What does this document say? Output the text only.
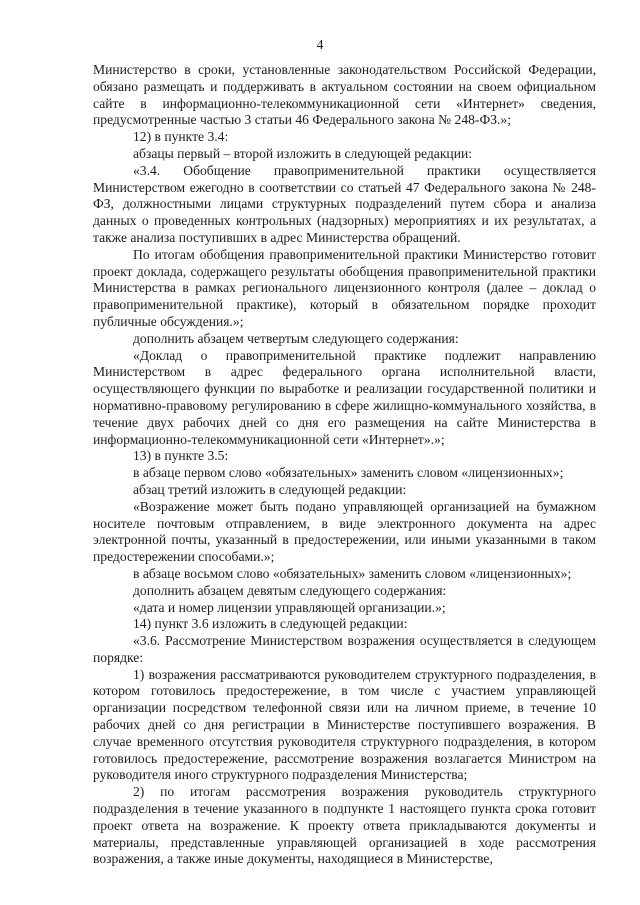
4

Министерство в сроки, установленные законодательством Российской Федерации, обязано размещать и поддерживать в актуальном состоянии на своем официальном сайте в информационно-телекоммуникационной сети «Интернет» сведения, предусмотренные частью 3 статьи 46 Федерального закона № 248-ФЗ.»;

12) в пункте 3.4:

абзацы первый – второй изложить в следующей редакции:

«3.4. Обобщение правоприменительной практики осуществляется Министерством ежегодно в соответствии со статьей 47 Федерального закона № 248-ФЗ, должностными лицами структурных подразделений путем сбора и анализа данных о проведенных контрольных (надзорных) мероприятиях и их результатах, а также анализа поступивших в адрес Министерства обращений.

По итогам обобщения правоприменительной практики Министерство готовит проект доклада, содержащего результаты обобщения правоприменительной практики Министерства в рамках регионального лицензионного контроля (далее – доклад о правоприменительной практике), который в обязательном порядке проходит публичные обсуждения.»;

дополнить абзацем четвертым следующего содержания:

«Доклад о правоприменительной практике подлежит направлению Министерством в адрес федерального органа исполнительной власти, осуществляющего функции по выработке и реализации государственной политики и нормативно-правовому регулированию в сфере жилищно-коммунального хозяйства, в течение двух рабочих дней со дня его размещения на сайте Министерства в информационно-телекоммуникационной сети «Интернет».»;

13) в пункте 3.5:

в абзаце первом слово «обязательных» заменить словом «лицензионных»;

абзац третий изложить в следующей редакции:

«Возражение может быть подано управляющей организацией на бумажном носителе почтовым отправлением, в виде электронного документа на адрес электронной почты, указанный в предостережении, или иными указанными в таком предостережении способами.»;

в абзаце восьмом слово «обязательных» заменить словом «лицензионных»;

дополнить абзацем девятым следующего содержания:

«дата и номер лицензии управляющей организации.»;

14) пункт 3.6 изложить в следующей редакции:

«3.6. Рассмотрение Министерством возражения осуществляется в следующем порядке:

1) возражения рассматриваются руководителем структурного подразделения, в котором готовилось предостережение, в том числе с участием управляющей организации посредством телефонной связи или на личном приеме, в течение 10 рабочих дней со дня регистрации в Министерстве поступившего возражения. В случае временного отсутствия руководителя структурного подразделения, в котором готовилось предостережение, рассмотрение возражения возлагается Министром на руководителя иного структурного подразделения Министерства;

2) по итогам рассмотрения возражения руководитель структурного подразделения в течение указанного в подпункте 1 настоящего пункта срока готовит проект ответа на возражение. К проекту ответа прикладываются документы и материалы, представленные управляющей организацией в ходе рассмотрения возражения, а также иные документы, находящиеся в Министерстве,
